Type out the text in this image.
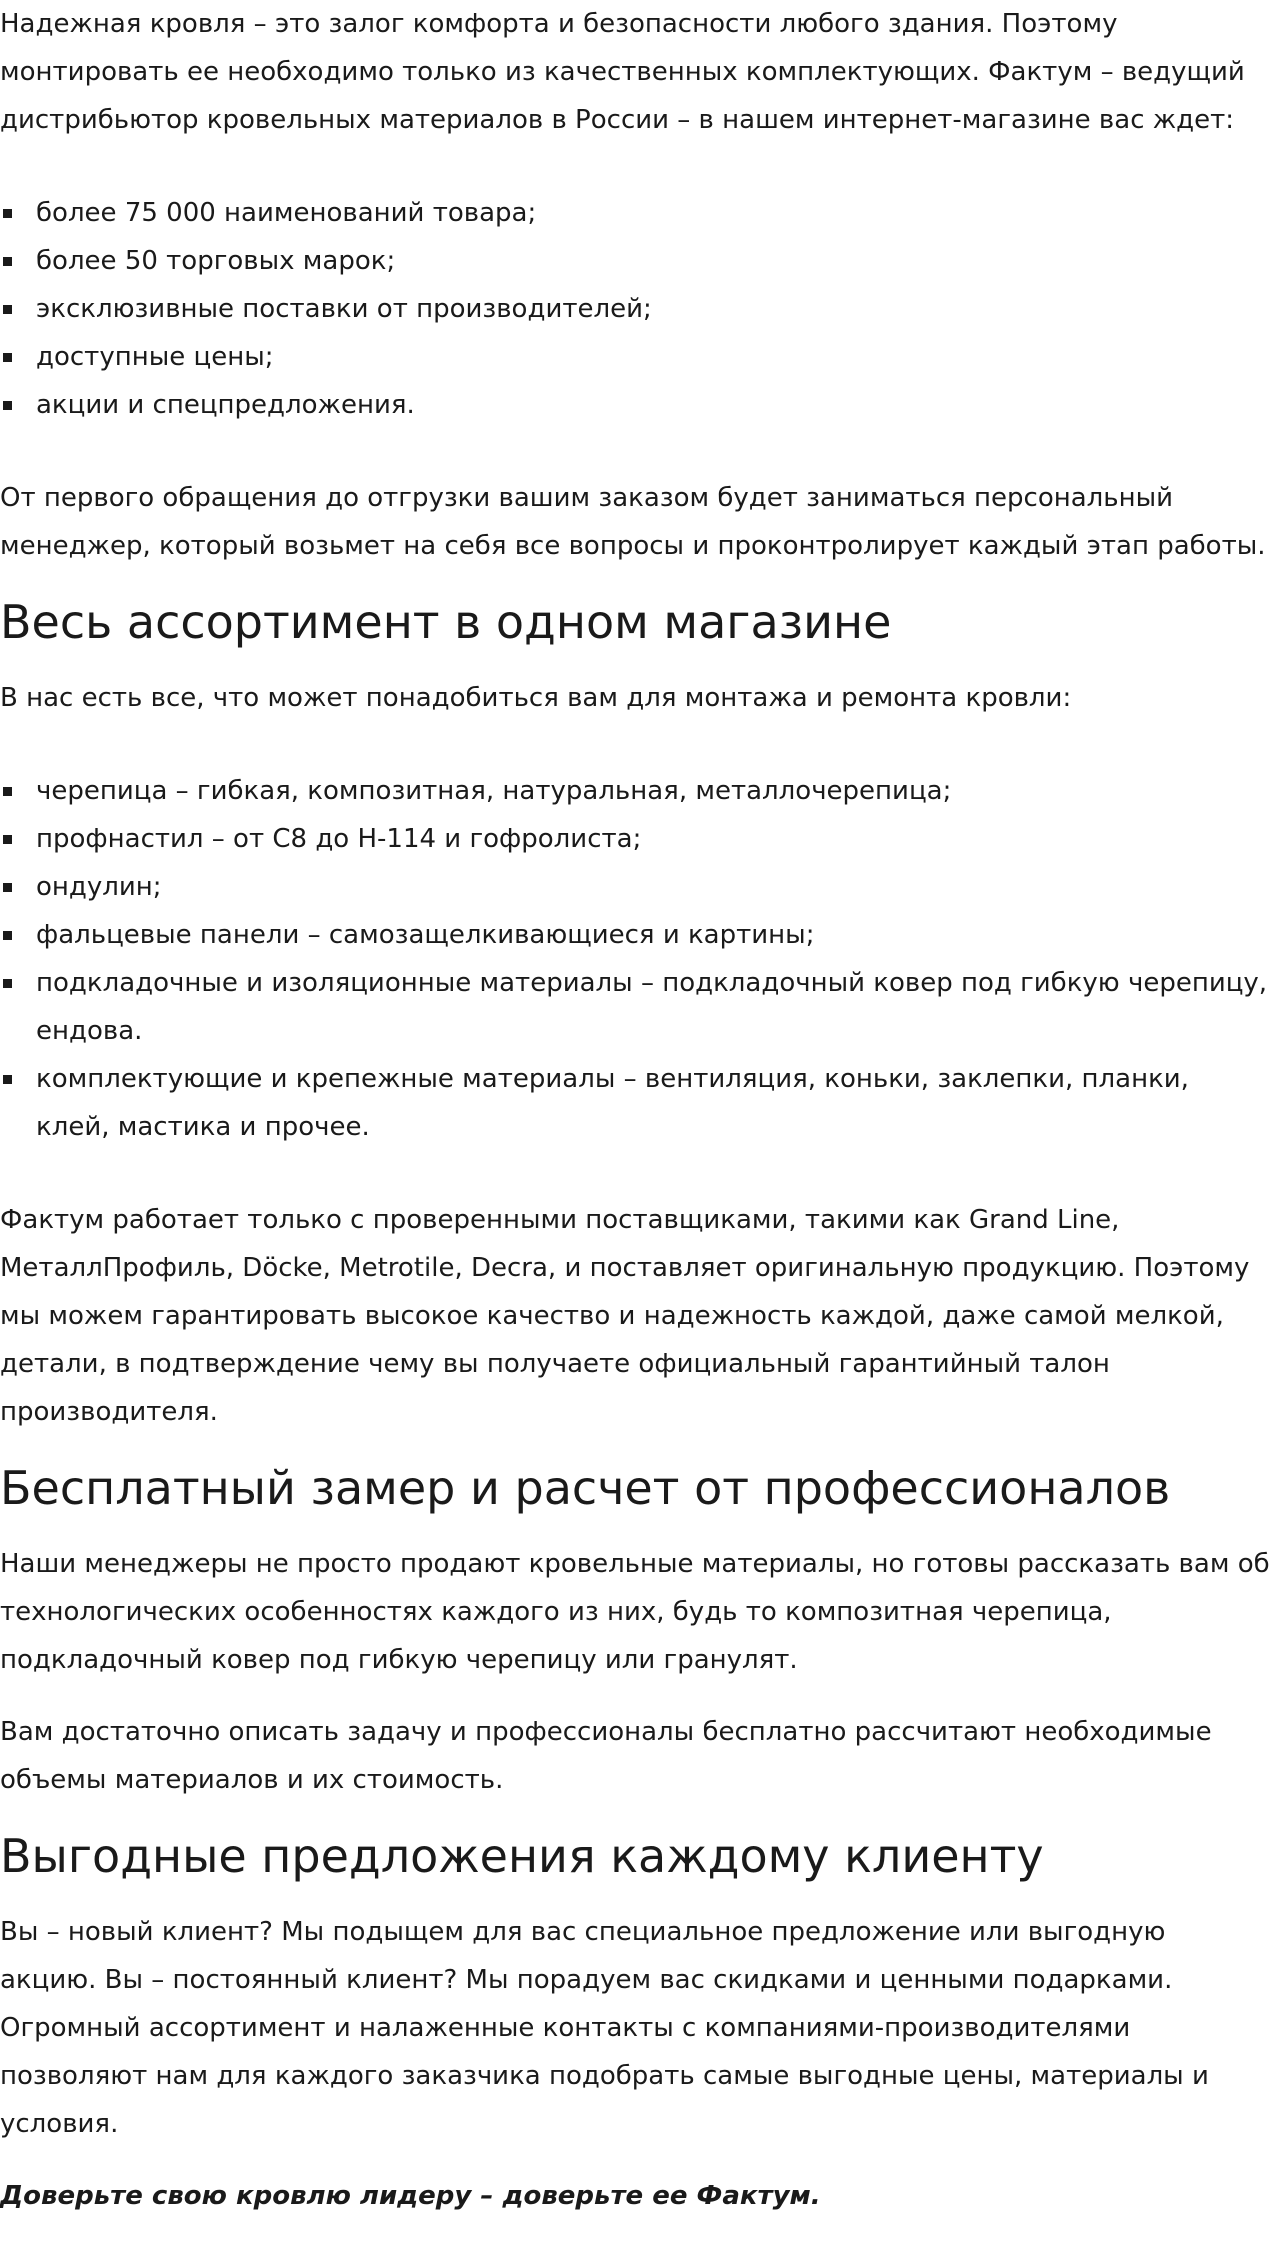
Надежная кровля – это залог комфорта и безопасности любого здания. Поэтому монтировать ее необходимо только из качественных комплектующих. Фактум – ведущий дистрибьютор кровельных материалов в России – в нашем интернет-магазине вас ждет:

более 75 000 наименований товара;
более 50 торговых марок;
эксклюзивные поставки от производителей;
доступные цены;
акции и спецпредложения.

От первого обращения до отгрузки вашим заказом будет заниматься персональный менеджер, который возьмет на себя все вопросы и проконтролирует каждый этап работы.

Весь ассортимент в одном магазине

В нас есть все, что может понадобиться вам для монтажа и ремонта кровли:

черепица – гибкая, композитная, натуральная, металлочерепица;
профнастил – от С8 до Н-114 и гофролиста;
ондулин;
фальцевые панели – самозащелкивающиеся и картины;
подкладочные и изоляционные материалы – подкладочный ковер под гибкую черепицу, ендова.
комплектующие и крепежные материалы – вентиляция, коньки, заклепки, планки, клей, мастика и прочее.

Фактум работает только с проверенными поставщиками, такими как Grand Line, МеталлПрофиль, Döcke, Metrotile, Decra, и поставляет оригинальную продукцию. Поэтому мы можем гарантировать высокое качество и надежность каждой, даже самой мелкой, детали, в подтверждение чему вы получаете официальный гарантийный талон производителя.

Бесплатный замер и расчет от профессионалов

Наши менеджеры не просто продают кровельные материалы, но готовы рассказать вам об технологических особенностях каждого из них, будь то композитная черепица, подкладочный ковер под гибкую черепицу или гранулят.

Вам достаточно описать задачу и профессионалы бесплатно рассчитают необходимые объемы материалов и их стоимость.

Выгодные предложения каждому клиенту

Вы – новый клиент? Мы подыщем для вас специальное предложение или выгодную акцию. Вы – постоянный клиент? Мы порадуем вас скидками и ценными подарками. Огромный ассортимент и налаженные контакты с компаниями-производителями позволяют нам для каждого заказчика подобрать самые выгодные цены, материалы и условия.

Доверьте свою кровлю лидеру – доверьте ее Фактум.
